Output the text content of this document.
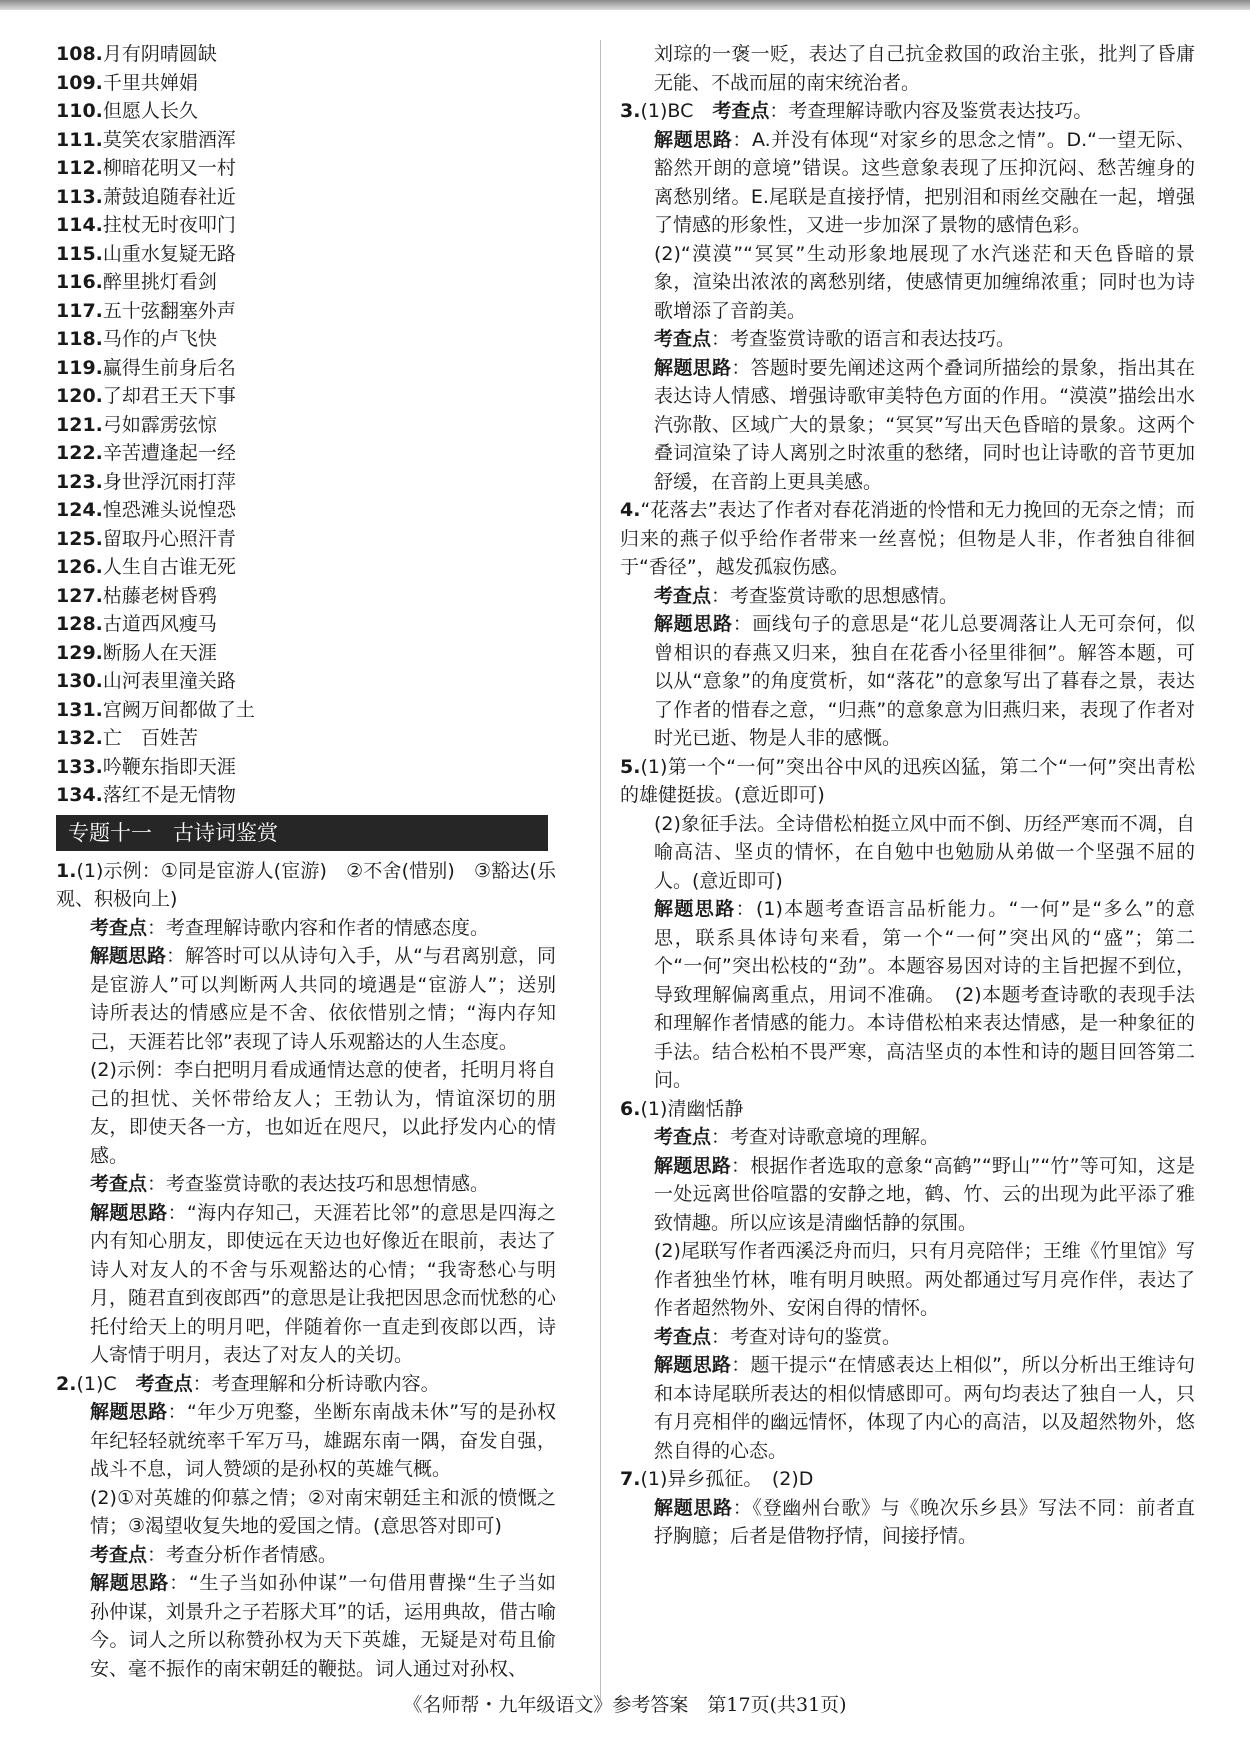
108.月有阴晴圆缺
109.千里共婵娟
110.但愿人长久
111.莫笑农家腊酒浑
112.柳暗花明又一村
113.萧鼓追随春社近
114.拄杖无时夜叩门
115.山重水复疑无路
116.醉里挑灯看剑
117.五十弦翻塞外声
118.马作的卢飞快
119.赢得生前身后名
120.了却君王天下事
121.弓如霹雳弦惊
122.辛苦遭逢起一经
123.身世浮沉雨打萍
124.惶恐滩头说惶恐
125.留取丹心照汗青
126.人生自古谁无死
127.枯藤老树昏鸦
128.古道西风瘦马
129.断肠人在天涯
130.山河表里潼关路
131.宫阙万间都做了土
132.亡　百姓苦
133.吟鞭东指即天涯
134.落红不是无情物
专题十一　古诗词鉴赏
1.(1)示例：①同是宦游人(宦游)　②不舍(惜别)　③豁达(乐观、积极向上)
考查点：考查理解诗歌内容和作者的情感态度。
解题思路：解答时可以从诗句入手，从“与君离别意，同是宦游人”可以判断两人共同的境遇是“宦游人”；送别诗所表达的情感应是不舍、依依惜别之情；“海内存知己，天涯若比邻”表现了诗人乐观豁达的人生态度。
(2)示例：李白把明月看成通情达意的使者，托明月将自己的担忧、关怀带给友人；王勃认为，情谊深切的朋友，即使天各一方，也如近在咫尺，以此抒发内心的情感。
考查点：考查鉴赏诗歌的表达技巧和思想情感。
解题思路：“海内存知己，天涯若比邻”的意思是四海之内有知心朋友，即使远在天边也好像近在眼前，表达了诗人对友人的不舍与乐观豁达的心情；“我寄愁心与明月，随君直到夜郎西”的意思是让我把因思念而忧愁的心托付给天上的明月吧，伴随着你一直走到夜郎以西，诗人寄情于明月，表达了对友人的关切。
2.(1)C　考查点：考查理解和分析诗歌内容。
解题思路：“年少万兜鍪，坐断东南战未休”写的是孙权年纪轻轻就统率千军万马，雄踞东南一隅，奋发自强，战斗不息，词人赞颂的是孙权的英雄气概。
(2)①对英雄的仰慕之情；②对南宋朝廷主和派的愤慨之情；③渴望收复失地的爱国之情。(意思答对即可)
考查点：考查分析作者情感。
解题思路：“生子当如孙仲谋”一句借用曹操“生子当如孙仲谋，刘景升之子若豚犬耳”的话，运用典故，借古喻今。词人之所以称赞孙权为天下英雄，无疑是对苟且偷安、毫不振作的南宋朝廷的鞭挞。词人通过对孙权、
刘琮的一褒一贬，表达了自己抗金救国的政治主张，批判了昏庸无能、不战而屈的南宋统治者。
3.(1)BC　考查点：考查理解诗歌内容及鉴赏表达技巧。
解题思路：A.并没有体现“对家乡的思念之情”。D.“一望无际、豁然开朗的意境”错误。这些意象表现了压抑沉闷、愁苦缠身的离愁别绪。E.尾联是直接抒情，把别泪和雨丝交融在一起，增强了情感的形象性，又进一步加深了景物的感情色彩。
(2)“漠漠”“冥冥”生动形象地展现了水汽迷茫和天色昏暗的景象，渲染出浓浓的离愁别绪，使感情更加缠绵浓重；同时也为诗歌增添了音韵美。
考查点：考查鉴赏诗歌的语言和表达技巧。
解题思路：答题时要先阐述这两个叠词所描绘的景象，指出其在表达诗人情感、增强诗歌审美特色方面的作用。“漠漠”描绘出水汽弥散、区域广大的景象；“冥冥”写出天色昏暗的景象。这两个叠词渲染了诗人离别之时浓重的愁绪，同时也让诗歌的音节更加舒缓，在音韵上更具美感。
4.“花落去”表达了作者对春花消逝的怜惜和无力挽回的无奈之情；而归来的燕子似乎给作者带来一丝喜悦；但物是人非，作者独自徘徊于“香径”，越发孤寂伤感。
考查点：考查鉴赏诗歌的思想感情。
解题思路：画线句子的意思是“花儿总要凋落让人无可奈何，似曾相识的春燕又归来，独自在花香小径里徘徊”。解答本题，可以从“意象”的角度赏析，如“落花”的意象写出了暮春之景，表达了作者的惜春之意，“归燕”的意象意为旧燕归来，表现了作者对时光已逝、物是人非的感慨。
5.(1)第一个“一何”突出谷中风的迅疾凶猛，第二个“一何”突出青松的雄健挺拔。(意近即可)
(2)象征手法。全诗借松柏挺立风中而不倒、历经严寒而不凋，自喻高洁、坚贞的情怀，在自勉中也勉励从弟做一个坚强不屈的人。(意近即可)
解题思路：(1)本题考查语言品析能力。“一何”是“多么”的意思，联系具体诗句来看，第一个“一何”突出风的“盛”；第二个“一何”突出松枝的“劲”。本题容易因对诗的主旨把握不到位，导致理解偏离重点，用词不准确。　(2)本题考查诗歌的表现手法和理解作者情感的能力。本诗借松柏来表达情感，是一种象征的手法。结合松柏不畏严寒，高洁坚贞的本性和诗的题目回答第二问。
6.(1)清幽恬静
考查点：考查对诗歌意境的理解。
解题思路：根据作者选取的意象“高鹤”“野山”“竹”等可知，这是一处远离世俗喧嚣的安静之地，鹤、竹、云的出现为此平添了雅致情趣。所以应该是清幽恬静的氛围。
(2)尾联写作者西溪泛舟而归，只有月亮陪伴；王维《竹里馆》写作者独坐竹林，唯有明月映照。两处都通过写月亮作伴，表达了作者超然物外、安闲自得的情怀。
考查点：考查对诗句的鉴赏。
解题思路：题干提示“在情感表达上相似”，所以分析出王维诗句和本诗尾联所表达的相似情感即可。两句均表达了独自一人，只有月亮相伴的幽远情怀，体现了内心的高洁，以及超然物外，悠然自得的心态。
7.(1)异乡孤征。　(2)D
解题思路：《登幽州台歌》与《晚次乐乡县》写法不同：前者直抒胸臆；后者是借物抒情，间接抒情。
《名师帮・九年级语文》参考答案　第17页(共31页)
